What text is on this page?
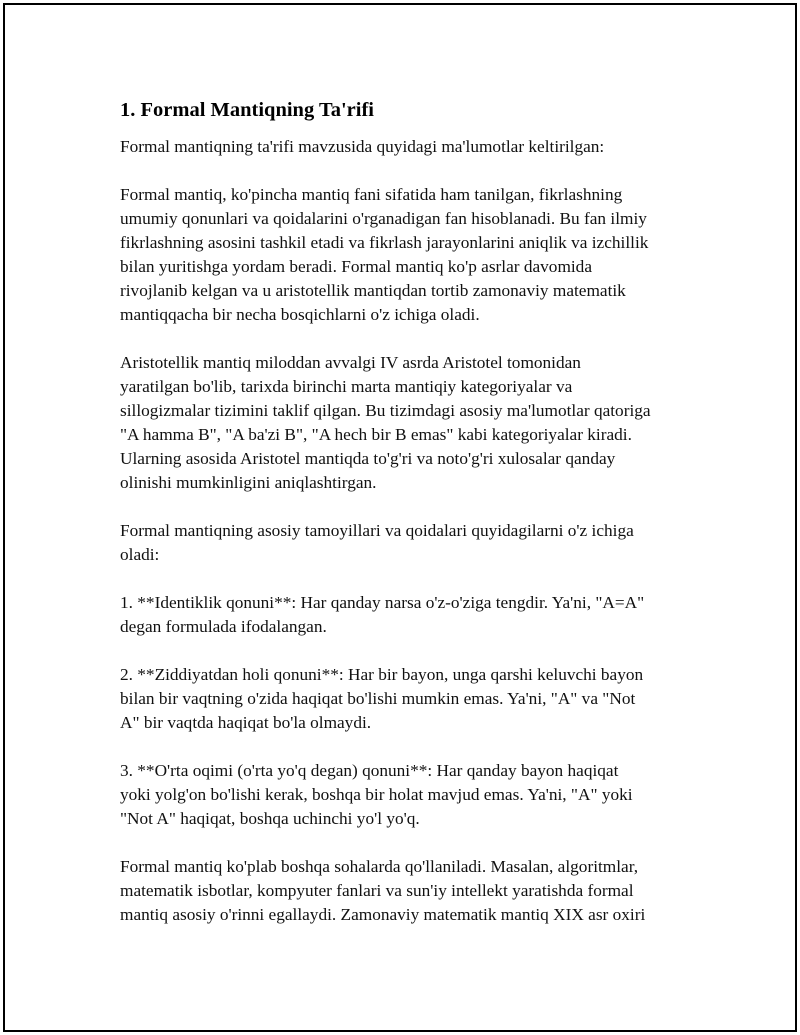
1. Formal Mantiqning Ta'rifi
Formal mantiqning ta'rifi mavzusida quyidagi ma'lumotlar keltirilgan:
Formal mantiq, ko'pincha mantiq fani sifatida ham tanilgan, fikrlashning
umumiy qonunlari va qoidalarini o'rganadigan fan hisoblanadi. Bu fan ilmiy
fikrlashning asosini tashkil etadi va fikrlash jarayonlarini aniqlik va izchillik
bilan yuritishga yordam beradi. Formal mantiq ko'p asrlar davomida
rivojlanib kelgan va u aristotellik mantiqdan tortib zamonaviy matematik
mantiqqacha bir necha bosqichlarni o'z ichiga oladi.
Aristotellik mantiq miloddan avvalgi IV asrda Aristotel tomonidan
yaratilgan bo'lib, tarixda birinchi marta mantiqiy kategoriyalar va
sillogizmalar tizimini taklif qilgan. Bu tizimdagi asosiy ma'lumotlar qatoriga
"A hamma B", "A ba'zi B", "A hech bir B emas" kabi kategoriyalar kiradi.
Ularning asosida Aristotel mantiqda to'g'ri va noto'g'ri xulosalar qanday
olinishi mumkinligini aniqlashtirgan.
Formal mantiqning asosiy tamoyillari va qoidalari quyidagilarni o'z ichiga
oladi:
1. **Identiklik qonuni**: Har qanday narsa o'z-o'ziga tengdir. Ya'ni, "A=A"
degan formulada ifodalangan.
2. **Ziddiyatdan holi qonuni**: Har bir bayon, unga qarshi keluvchi bayon
bilan bir vaqtning o'zida haqiqat bo'lishi mumkin emas. Ya'ni, "A" va "Not
A" bir vaqtda haqiqat bo'la olmaydi.
3. **O'rta oqimi (o'rta yo'q degan) qonuni**: Har qanday bayon haqiqat
yoki yolg'on bo'lishi kerak, boshqa bir holat mavjud emas. Ya'ni, "A" yoki
"Not A" haqiqat, boshqa uchinchi yo'l yo'q.
Formal mantiq ko'plab boshqa sohalarda qo'llaniladi. Masalan, algoritmlar,
matematik isbotlar, kompyuter fanlari va sun'iy intellekt yaratishda formal
mantiq asosiy o'rinni egallaydi. Zamonaviy matematik mantiq XIX asr oxiri
